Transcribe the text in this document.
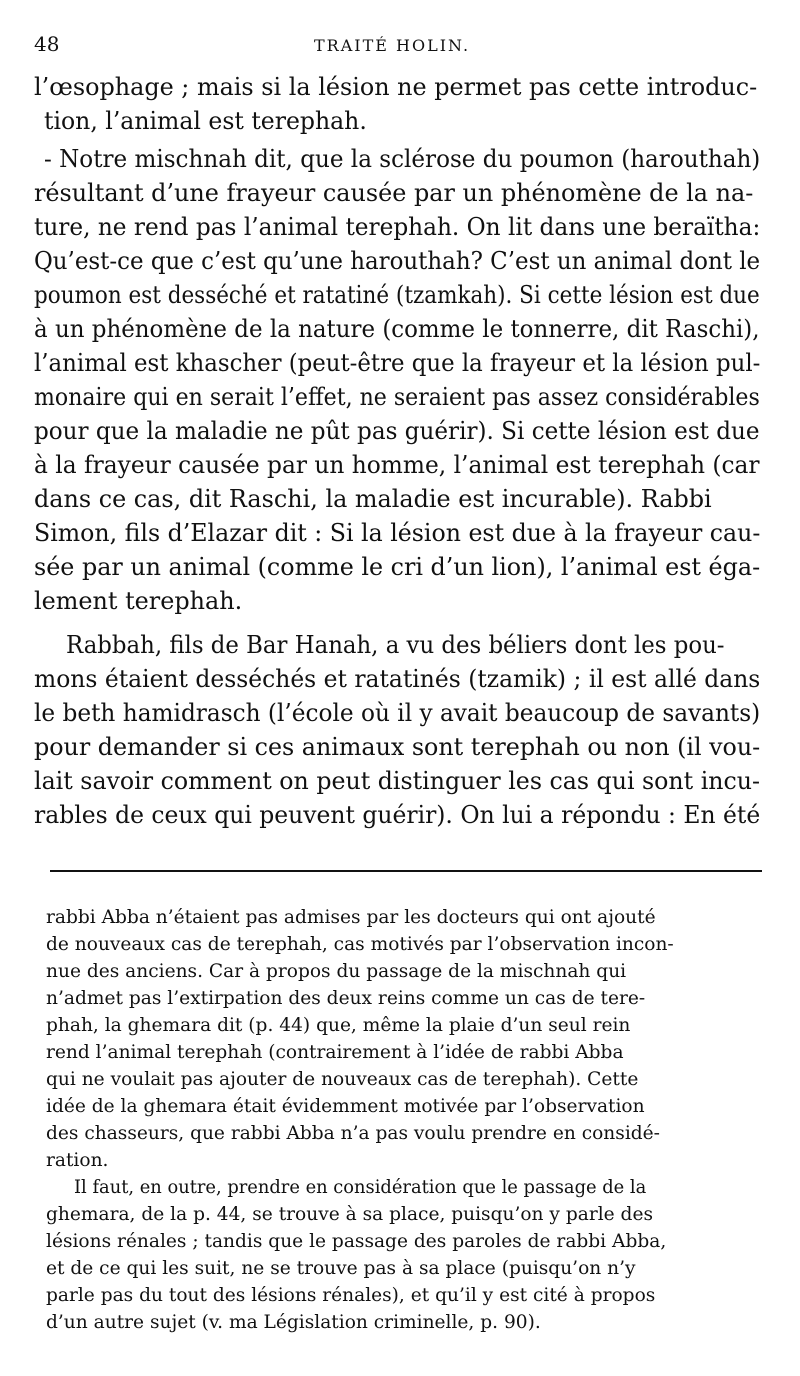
48	TRAITÉ HOLIN.
l’œsophage ; mais si la lésion ne permet pas cette introduc-
tion, l’animal est terephah.
- Notre mischnah dit, que la sclérose du poumon (harouthah)
résultant d’une frayeur causée par un phénomène de la na-
ture, ne rend pas l’animal terephah. On lit dans une beraïtha:
Qu’est-ce que c’est qu’une harouthah? C’est un animal dont le
poumon est desséché et ratatiné (tzamkah). Si cette lésion est due
à un phénomène de la nature (comme le tonnerre, dit Raschi),
l’animal est khascher (peut-être que la frayeur et la lésion pul-
monaire qui en serait l’effet, ne seraient pas assez considérables
pour que la maladie ne pût pas guérir). Si cette lésion est due
à la frayeur causée par un homme, l’animal est terephah (car
dans ce cas, dit Raschi, la maladie est incurable). Rabbi
Simon, fils d’Elazar dit : Si la lésion est due à la frayeur cau-
sée par un animal (comme le cri d’un lion), l’animal est éga-
lement terephah.
Rabbah, fils de Bar Hanah, a vu des béliers dont les pou-
mons étaient desséchés et ratatinés (tzamik) ; il est allé dans
le beth hamidrasch (l’école où il y avait beaucoup de savants)
pour demander si ces animaux sont terephah ou non (il vou-
lait savoir comment on peut distinguer les cas qui sont incu-
rables de ceux qui peuvent guérir). On lui a répondu : En été
rabbi Abba n’étaient pas admises par les docteurs qui ont ajouté
de nouveaux cas de terephah, cas motivés par l’observation incon-
nue des anciens. Car à propos du passage de la mischnah qui
n’admet pas l’extirpation des deux reins comme un cas de tere-
phah, la ghemara dit (p. 44) que, même la plaie d’un seul rein
rend l’animal terephah (contrairement à l’idée de rabbi Abba
qui ne voulait pas ajouter de nouveaux cas de terephah). Cette
idée de la ghemara était évidemment motivée par l’observation
des chasseurs, que rabbi Abba n’a pas voulu prendre en considé-
ration.
Il faut, en outre, prendre en considération que le passage de la
ghemara, de la p. 44, se trouve à sa place, puisqu’on y parle des
lésions rénales ; tandis que le passage des paroles de rabbi Abba,
et de ce qui les suit, ne se trouve pas à sa place (puisqu’on n’y
parle pas du tout des lésions rénales), et qu’il y est cité à propos
d’un autre sujet (v. ma Législation criminelle, p. 90).
